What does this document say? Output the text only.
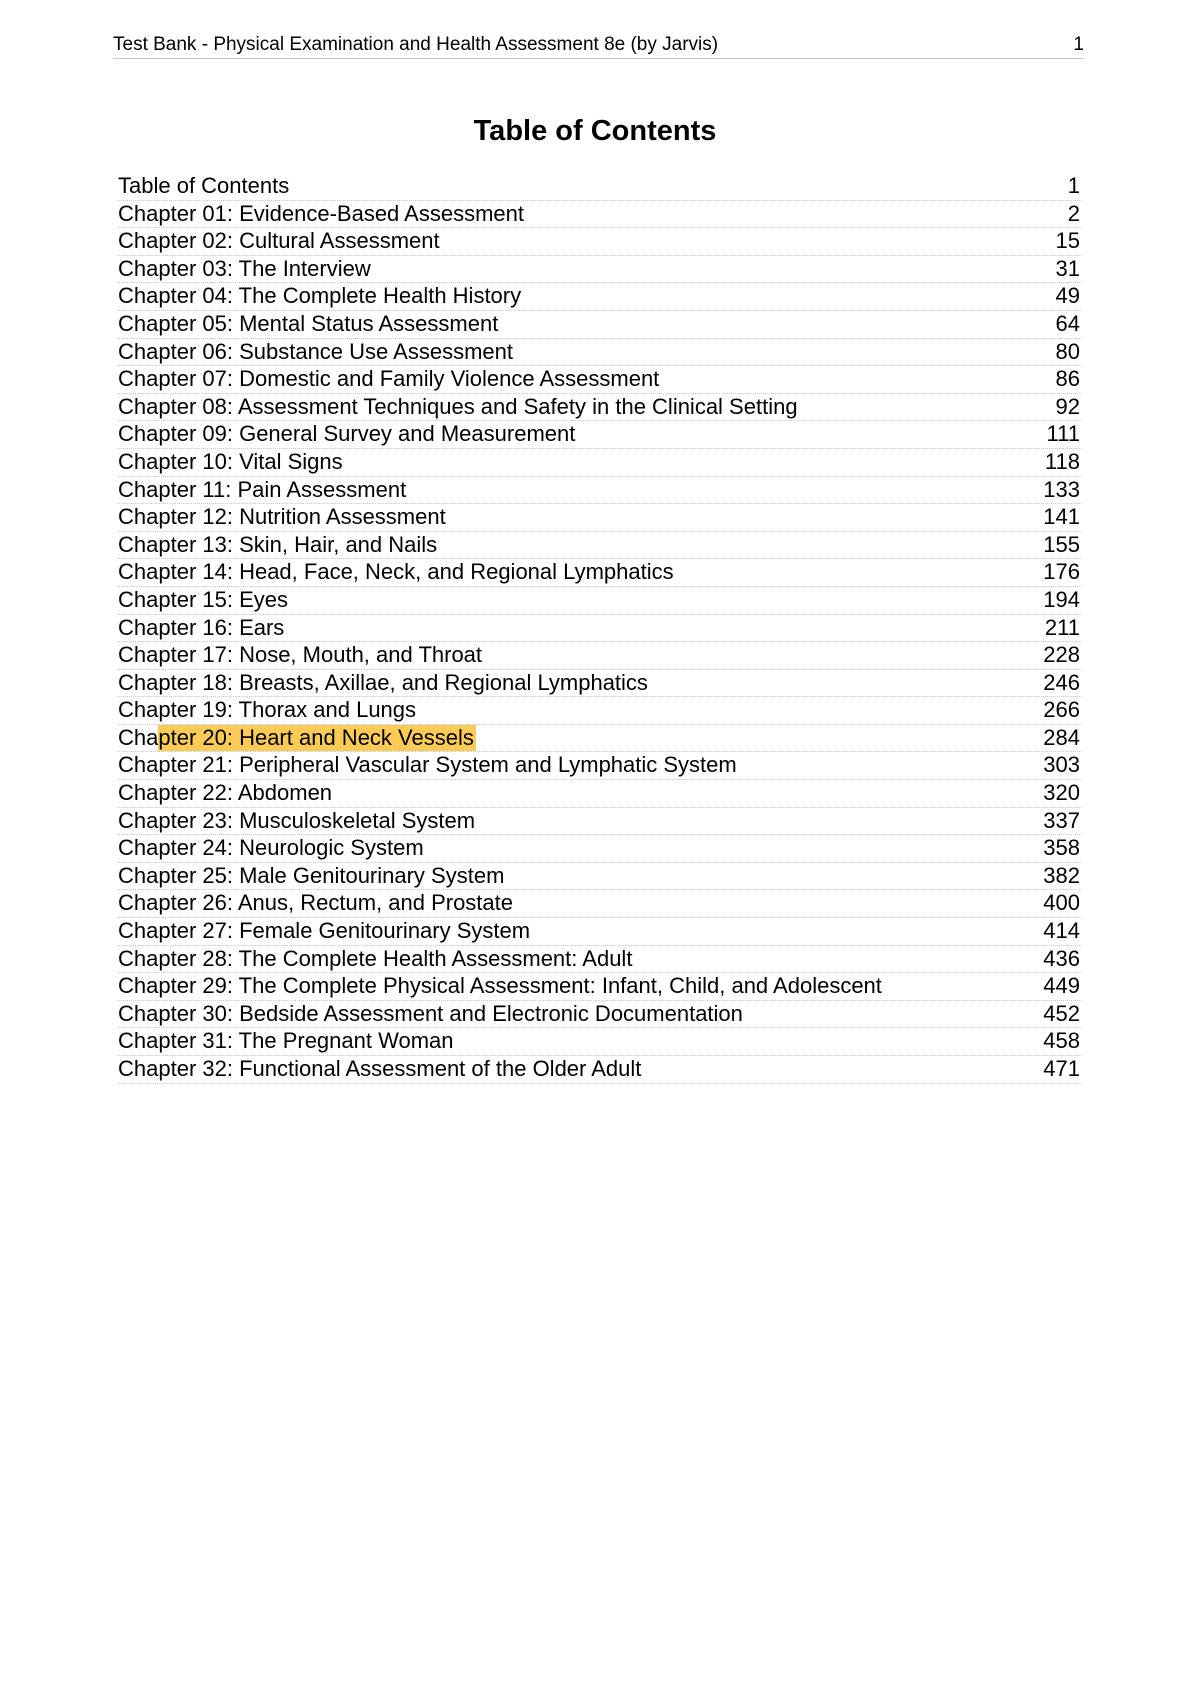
Test Bank - Physical Examination and Health Assessment 8e (by Jarvis)	1
Table of Contents
Table of Contents	1
Chapter 01: Evidence-Based Assessment	2
Chapter 02: Cultural Assessment	15
Chapter 03: The Interview	31
Chapter 04: The Complete Health History	49
Chapter 05: Mental Status Assessment	64
Chapter 06: Substance Use Assessment	80
Chapter 07: Domestic and Family Violence Assessment	86
Chapter 08: Assessment Techniques and Safety in the Clinical Setting	92
Chapter 09: General Survey and Measurement	111
Chapter 10: Vital Signs	118
Chapter 11: Pain Assessment	133
Chapter 12: Nutrition Assessment	141
Chapter 13: Skin, Hair, and Nails	155
Chapter 14: Head, Face, Neck, and Regional Lymphatics	176
Chapter 15: Eyes	194
Chapter 16: Ears	211
Chapter 17: Nose, Mouth, and Throat	228
Chapter 18: Breasts, Axillae, and Regional Lymphatics	246
Chapter 19: Thorax and Lungs	266
Chapter 20: Heart and Neck Vessels	284
Chapter 21: Peripheral Vascular System and Lymphatic System	303
Chapter 22: Abdomen	320
Chapter 23: Musculoskeletal System	337
Chapter 24: Neurologic System	358
Chapter 25: Male Genitourinary System	382
Chapter 26: Anus, Rectum, and Prostate	400
Chapter 27: Female Genitourinary System	414
Chapter 28: The Complete Health Assessment: Adult	436
Chapter 29: The Complete Physical Assessment: Infant, Child, and Adolescent	449
Chapter 30: Bedside Assessment and Electronic Documentation	452
Chapter 31: The Pregnant Woman	458
Chapter 32: Functional Assessment of the Older Adult	471
